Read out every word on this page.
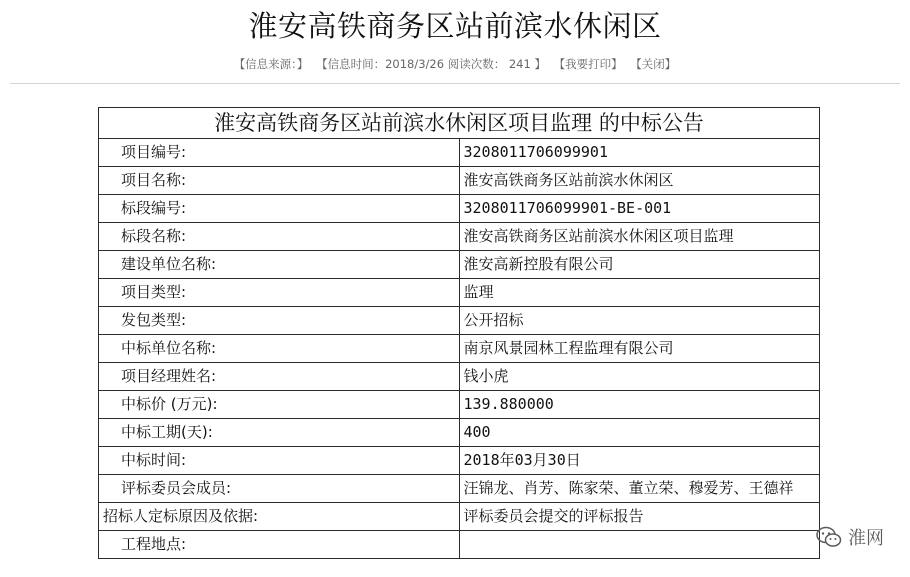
淮安高铁商务区站前滨水休闲区
【信息来源：】 【信息时间：2018/3/26 阅读次数： 241 】 【我要打印】 【关闭】
淮安高铁商务区站前滨水休闲区项目监理 的中标公告	
项目编号:	3208011706099901
项目名称:	淮安高铁商务区站前滨水休闲区
标段编号:	3208011706099901-BE-001
标段名称:	淮安高铁商务区站前滨水休闲区项目监理
建设单位名称:	淮安高新控股有限公司
项目类型:	监理
发包类型:	公开招标
中标单位名称:	南京风景园林工程监理有限公司
项目经理姓名:	钱小虎
中标价 (万元):	139.880000
中标工期(天):	400
中标时间:	2018年03月30日
评标委员会成员:	汪锦龙、肖芳、陈家荣、董立荣、穆爱芳、王德祥
招标人定标原因及依据:	评标委员会提交的评标报告
工程地点:		淮网
